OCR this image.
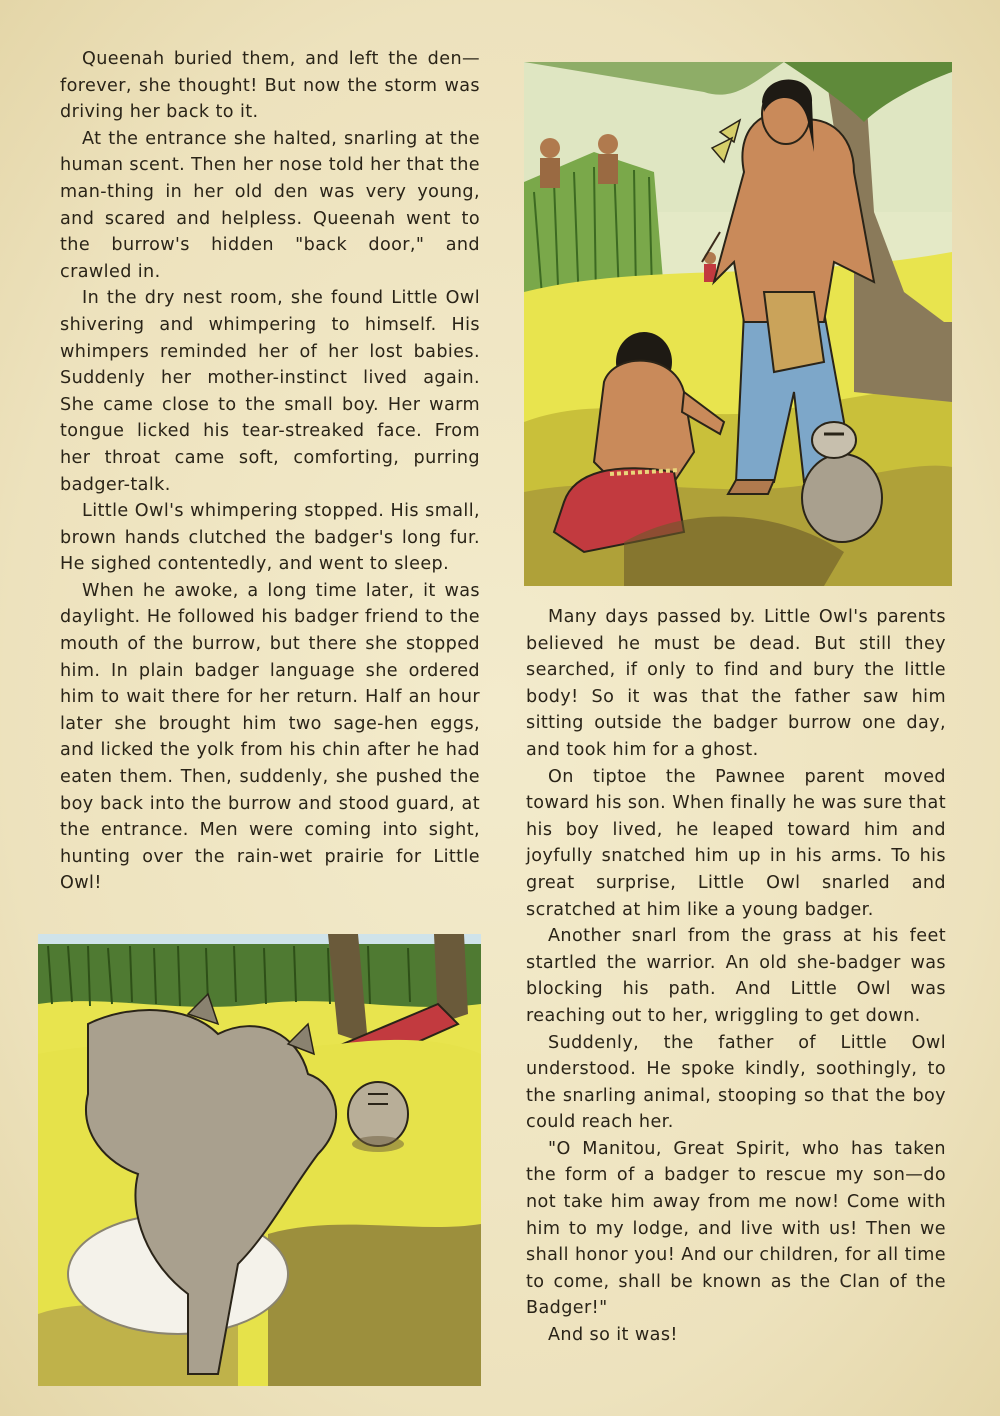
Queenah buried them, and left the den—forever, she thought! But now the storm was driving her back to it.

At the entrance she halted, snarling at the human scent. Then her nose told her that the man-thing in her old den was very young, and scared and helpless. Queenah went to the burrow's hidden "back door," and crawled in.

In the dry nest room, she found Little Owl shivering and whimpering to himself. His whimpers reminded her of her lost babies. Suddenly her mother-instinct lived again. She came close to the small boy. Her warm tongue licked his tear-streaked face. From her throat came soft, comforting, purring badger-talk.

Little Owl's whimpering stopped. His small, brown hands clutched the badger's long fur. He sighed contentedly, and went to sleep.

When he awoke, a long time later, it was daylight. He followed his badger friend to the mouth of the burrow, but there she stopped him. In plain badger language she ordered him to wait there for her return. Half an hour later she brought him two sage-hen eggs, and licked the yolk from his chin after he had eaten them. Then, suddenly, she pushed the boy back into the burrow and stood guard, at the entrance. Men were coming into sight, hunting over the rain-wet prairie for Little Owl!

Many days passed by. Little Owl's parents believed he must be dead. But still they searched, if only to find and bury the little body! So it was that the father saw him sitting outside the badger burrow one day, and took him for a ghost.

On tiptoe the Pawnee parent moved toward his son. When finally he was sure that his boy lived, he leaped toward him and joyfully snatched him up in his arms. To his great surprise, Little Owl snarled and scratched at him like a young badger.

Another snarl from the grass at his feet startled the warrior. An old she-badger was blocking his path. And Little Owl was reaching out to her, wriggling to get down.

Suddenly, the father of Little Owl understood. He spoke kindly, soothingly, to the snarling animal, stooping so that the boy could reach her.

"O Manitou, Great Spirit, who has taken the form of a badger to rescue my son—do not take him away from me now! Come with him to my lodge, and live with us! Then we shall honor you! And our children, for all time to come, shall be known as the Clan of the Badger!"

And so it was!
